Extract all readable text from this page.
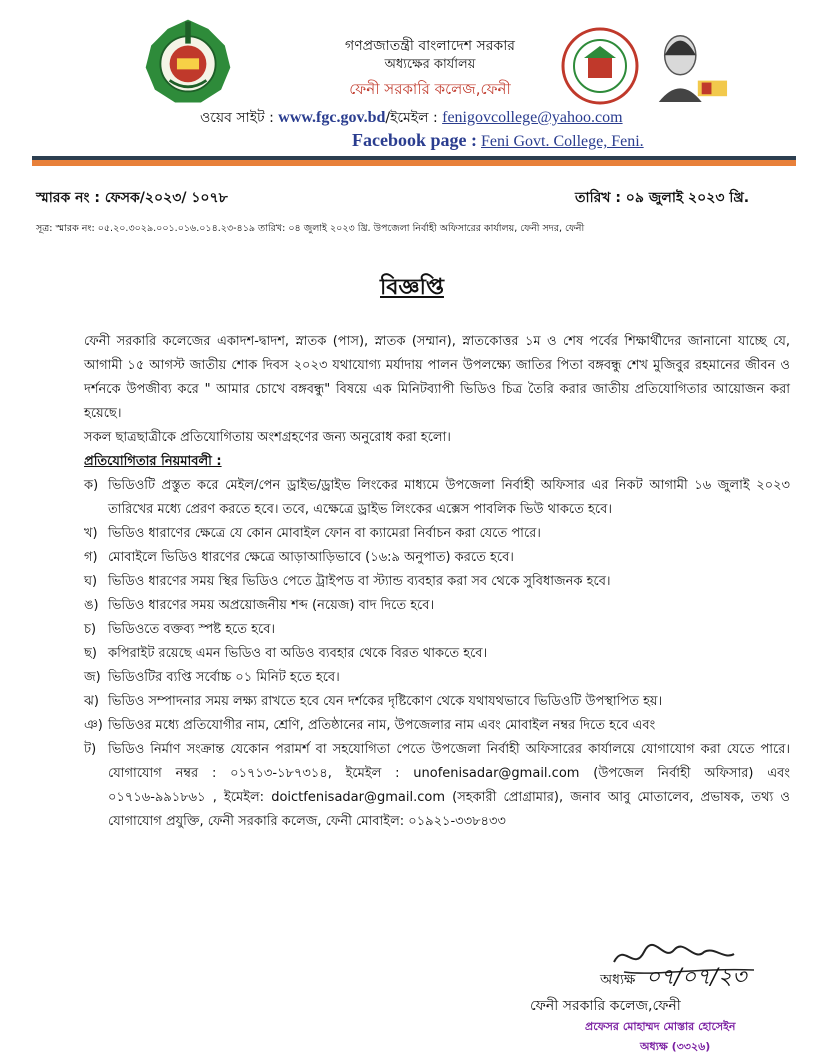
গণপ্রজাতন্ত্রী বাংলাদেশ সরকার
অধ্যক্ষের কার্যালয়
ফেনী সরকারি কলেজ,ফেনী
ওয়েব সাইট : www.fgc.gov.bd/ইমেইল : fenigovcollege@yahoo.com
Facebook page : Feni Govt. College, Feni.
স্মারক নং : ফেসক/২০২৩/ ১০৭৮	তারিখ : ০৯ জুলাই ২০২৩ খ্রি.
সূত্র: স্মারক নং: ০৫.২০.৩০২৯.০০১.০১৬.০১৪.২৩-৪১৯ তারিখ: ০৪ জুলাই ২০২৩ খ্রি. উপজেলা নির্বাহী অফিসারের কার্যালয়, ফেনী সদর, ফেনী
বিজ্ঞপ্তি

ফেনী সরকারি কলেজের একাদশ-দ্বাদশ, স্নাতক (পাস), স্নাতক (সম্মান), স্নাতকোত্তর ১ম ও শেষ পর্বের শিক্ষার্থীদের জানানো যাচ্ছে যে, আগামী ১৫ আগস্ট জাতীয় শোক দিবস ২০২৩ যথাযোগ্য মর্যাদায় পালন উপলক্ষ্যে জাতির পিতা বঙ্গবন্ধু শেখ মুজিবুর রহমানের জীবন ও দর্শনকে উপজীব্য করে " আমার চোখে বঙ্গবন্ধু" বিষয়ে এক মিনিটব্যাপী ভিডিও চিত্র তৈরি করার জাতীয় প্রতিযোগিতার আয়োজন করা হয়েছে।

সকল ছাত্রছাত্রীকে প্রতিযোগিতায় অংশগ্রহণের জন্য অনুরোধ করা হলো।

প্রতিযোগিতার নিয়মাবলী :

ক) ভিডিওটি প্রস্তুত করে মেইল/পেন ড্রাইভ/ড্রাইভ লিংকের মাধ্যমে উপজেলা নির্বাহী অফিসার এর নিকট আগামী ১৬ জুলাই ২০২৩ তারিখের মধ্যে প্রেরণ করতে হবে। তবে, এক্ষেত্রে ড্রাইভ লিংকের এক্সেস পাবলিক ভিউ থাকতে হবে।
খ) ভিডিও ধারাণের ক্ষেত্রে যে কোন মোবাইল ফোন বা ক্যামেরা নির্বাচন করা যেতে পারে।
গ) মোবাইলে ভিডিও ধারণের ক্ষেত্রে আড়াআড়িভাবে (১৬:৯ অনুপাত) করতে হবে।
ঘ) ভিডিও ধারণের সময় স্থির ভিডিও পেতে ট্রাইপড বা স্ট্যান্ড ব্যবহার করা সব থেকে সুবিধাজনক হবে।
ঙ) ভিডিও ধারণের সময় অপ্রয়োজনীয় শব্দ (নয়েজ) বাদ দিতে হবে।
চ) ভিডিওতে বক্তব্য স্পষ্ট হতে হবে।
ছ) কপিরাইট রয়েছে এমন ভিডিও বা অডিও ব্যবহার থেকে বিরত থাকতে হবে।
জ) ভিডিওটির ব্যপ্তি সর্বোচ্চ ০১ মিনিট হতে হবে।
ঝ) ভিডিও সম্পাদনার সময় লক্ষ্য রাখতে হবে যেন দর্শকের দৃষ্টিকোণ থেকে যথাযথভাবে ভিডিওটি উপস্থাপিত হয়।
ঞ) ভিডিওর মধ্যে প্রতিযোগীর নাম, শ্রেণি, প্রতিষ্ঠানের নাম, উপজেলার নাম এবং মোবাইল নম্বর দিতে হবে এবং
ট) ভিডিও নির্মাণ সংক্রান্ত যেকোন পরামর্শ বা সহযোগিতা পেতে উপজেলা নির্বাহী অফিসারের কার্যালয়ে যোগাযোগ করা যেতে পারে। যোগাযোগ নম্বর : ০১৭১৩-১৮৭৩১৪, ইমেইল : unofenisadar@gmail.com (উপজেল নির্বাহী অফিসার) এবং ০১৭১৬-৯৯১৮৬১ , ইমেইল: doictfenisadar@gmail.com (সহকারী প্রোগ্রামার), জনাব আবু মোতালেব, প্রভাষক, তথ্য ও যোগাযোগ প্রযুক্তি, ফেনী সরকারি কলেজ, ফেনী মোবাইল: ০১৯২১-৩৩৮৪৩৩
অধ্যক্ষ ০৭/০৭/২৩
ফেনী সরকারি কলেজ,ফেনী
প্রফেসর মোহাম্মদ মোস্তার হোসেইন
অধ্যক্ষ (৩৩২৬)
